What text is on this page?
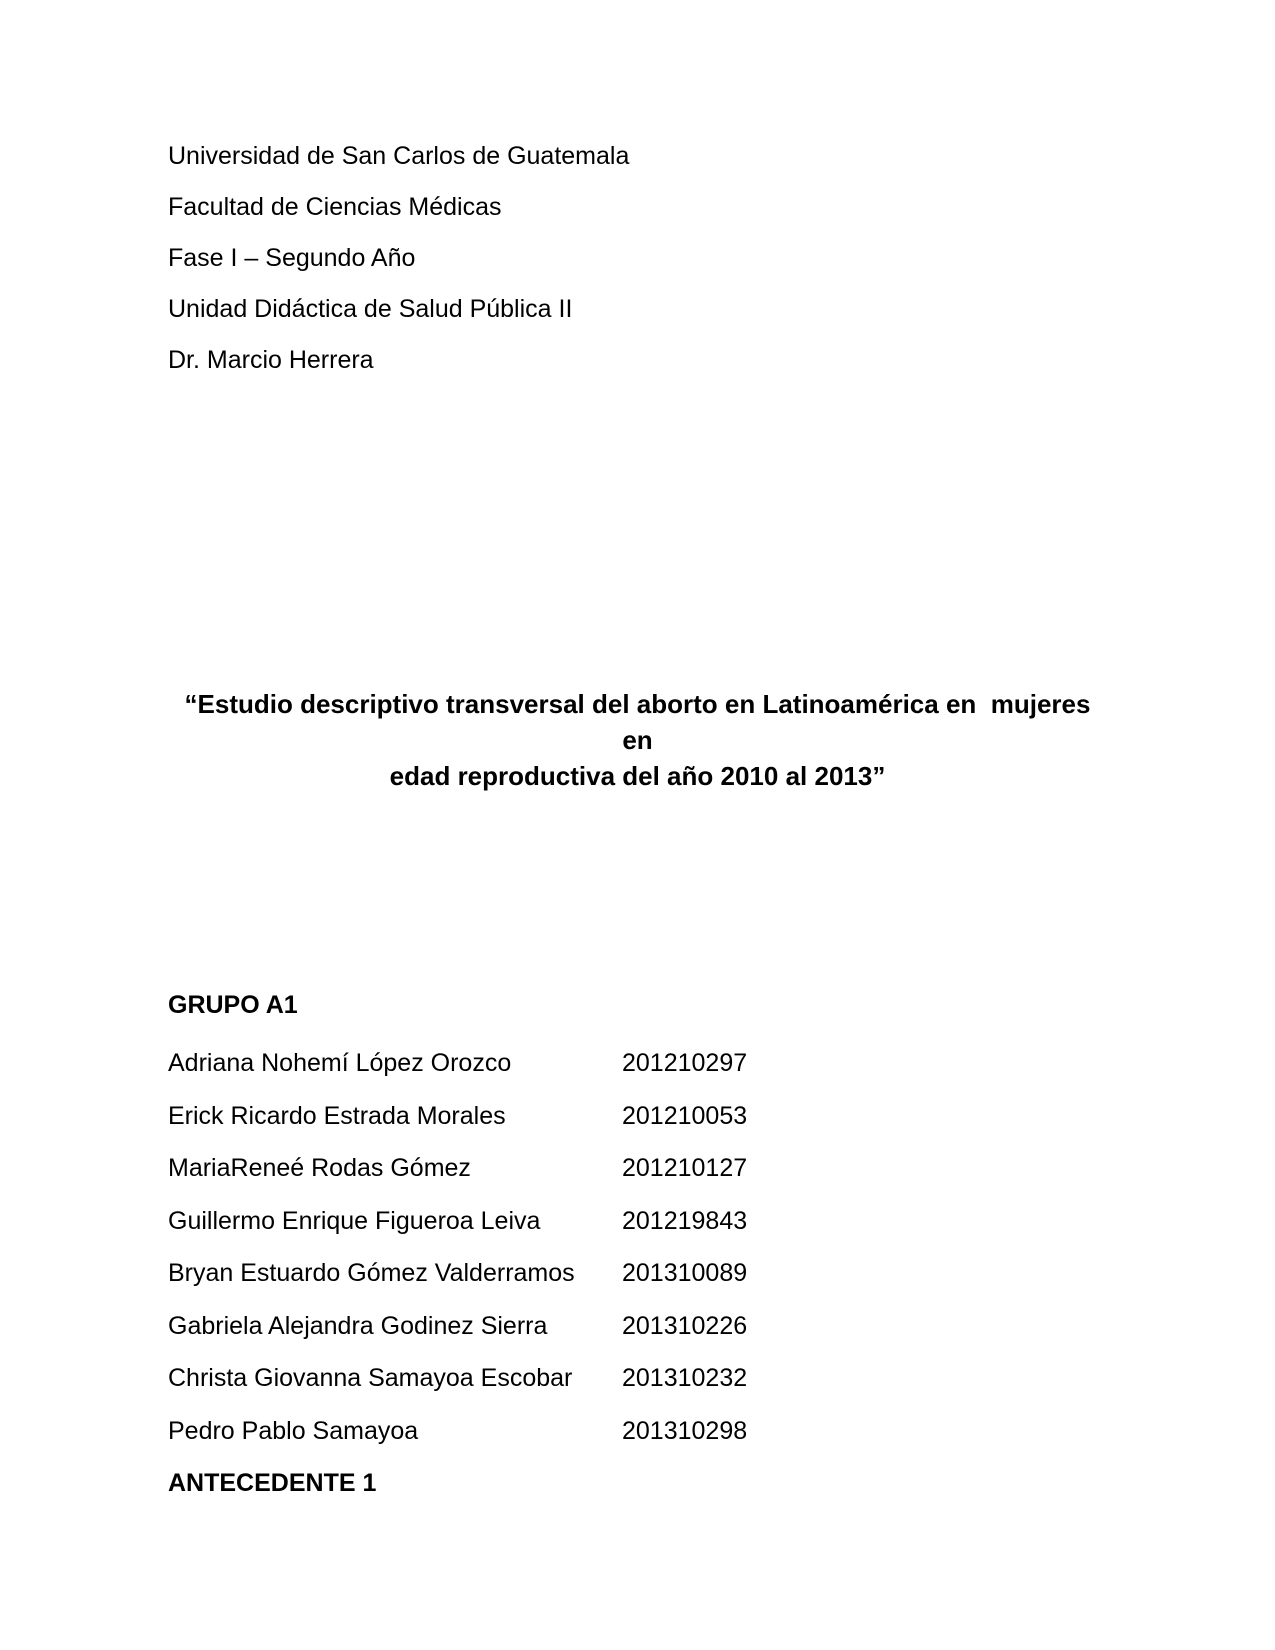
Universidad de San Carlos de Guatemala

Facultad de Ciencias Médicas

Fase I – Segundo Año

Unidad Didáctica de Salud Pública II

Dr. Marcio Herrera

“Estudio descriptivo transversal del aborto en Latinoamérica en  mujeres en
edad reproductiva del año 2010 al 2013”

GRUPO A1

Adriana Nohemí López Orozco	201210297
Erick Ricardo Estrada Morales	201210053
MariaReneé Rodas Gómez	201210127
Guillermo Enrique Figueroa Leiva	201219843
Bryan Estuardo Gómez Valderramos	201310089
Gabriela Alejandra Godinez Sierra	201310226
Christa Giovanna Samayoa Escobar	201310232
Pedro Pablo Samayoa	201310298

ANTECEDENTE 1
